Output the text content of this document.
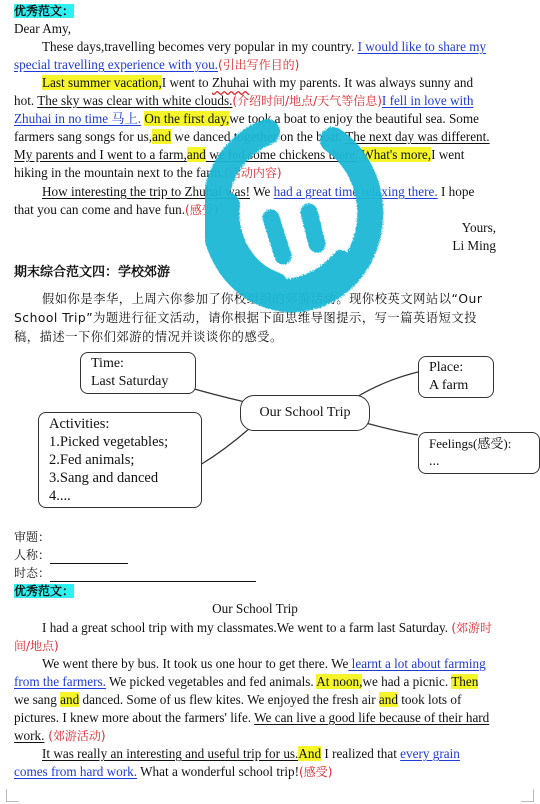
优秀范文：
Dear Amy,

These days,travelling becomes very popular in my country. I would like to share my special travelling experience with you.(引出写作目的)

Last summer vacation,I went to Zhuhai with my parents. It was always sunny and hot. The sky was clear with white clouds.(介绍时间/地点/天气等信息)I fell in love with Zhuhai in no time 马上. On the first day,we took a boat to enjoy the beautiful sea. Some farmers sang songs for us,and we danced together on the boat. The next day was different. My parents and I went to a farm,and we fed some chickens there. What's more,I went hiking in the mountain next to the farm.(活动内容)

How interesting the trip to Zhuhai was! We had a great time relaxing there. I hope that you can come and have fun.(感受)

Yours,
Li Ming
期末综合范文四：学校郊游

假如你是李华，上周六你参加了你校组织的郊游活动。现你校英文网站以“Our School Trip”为题进行征文活动，请你根据下面思维导图提示，写一篇英语短文投稿，描述一下你们郊游的情况并谈谈你的感受。

Time:
Last Saturday
Our School Trip
Place:
A farm
Feelings(感受):
...
Activities:
1.Picked vegetables;
2.Fed animals;
3.Sang and danced
4....
审题：
人称：
时态：
优秀范文：
Our School Trip

I had a great school trip with my classmates.We went to a farm last Saturday. (郊游时间/地点)

We went there by bus. It took us one hour to get there. We learnt a lot about farming from the farmers. We picked vegetables and fed animals. At noon,we had a picnic. Then we sang and danced. Some of us flew kites. We enjoyed the fresh air and took lots of pictures. I knew more about the farmers' life. We can live a good life because of their hard work. (郊游活动)

It was really an interesting and useful trip for us.And I realized that every grain comes from hard work. What a wonderful school trip!(感受)
